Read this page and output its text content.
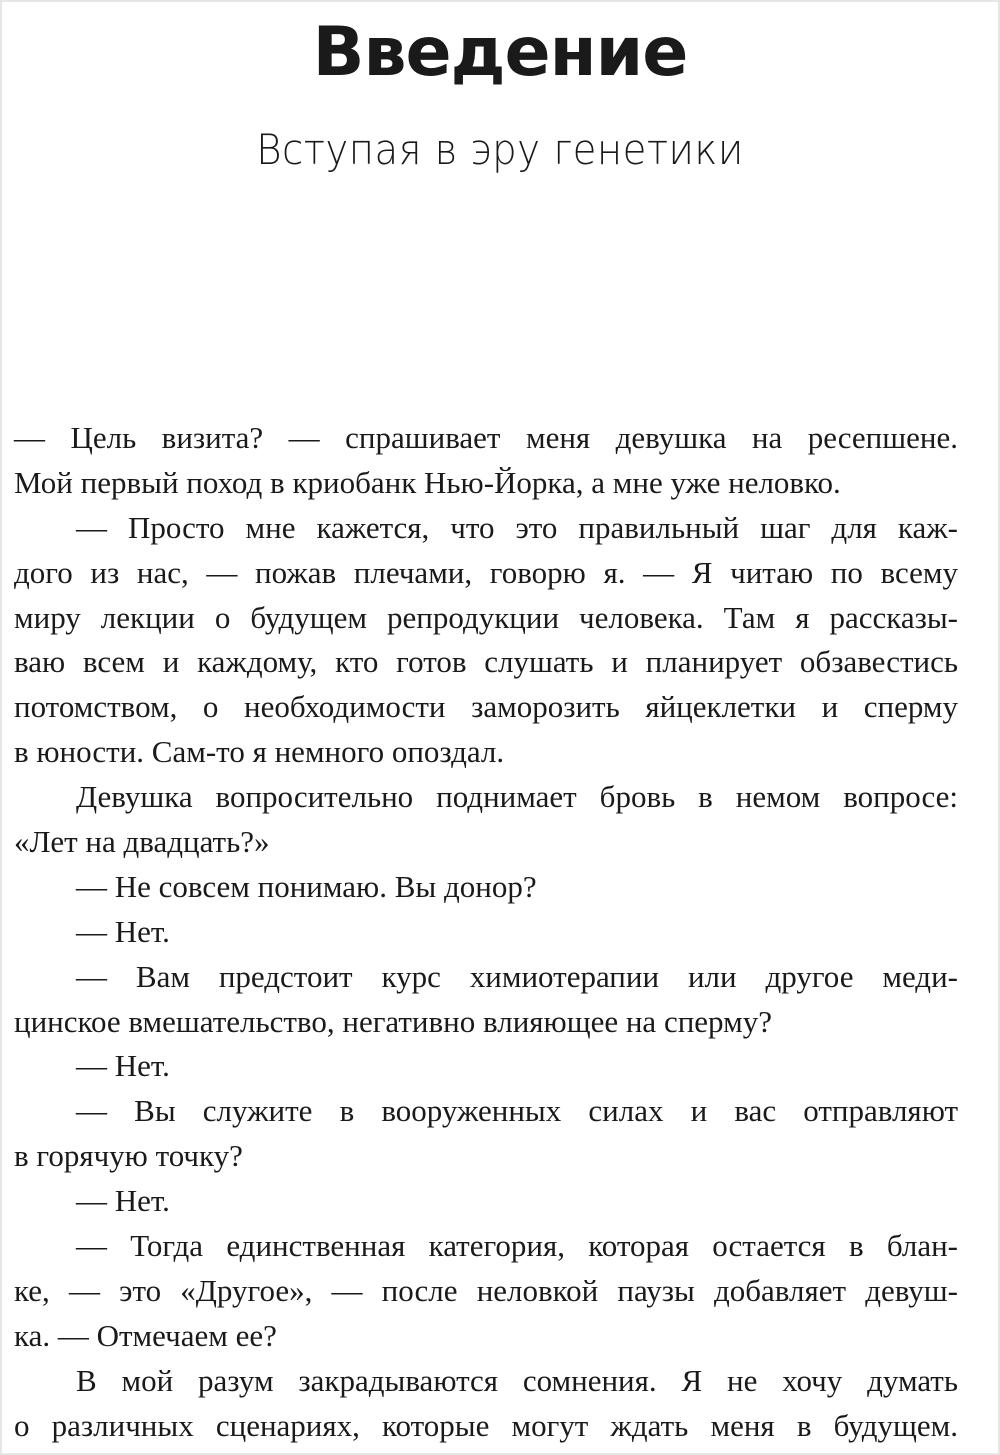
Введение
Вступая в эру генетики
— Цель визита? — спрашивает меня девушка на ресепшене.
Мой первый поход в криобанк Нью-Йорка, а мне уже неловко.
— Просто мне кажется, что это правильный шаг для каж-
дого из нас, — пожав плечами, говорю я. — Я читаю по всему
миру лекции о будущем репродукции человека. Там я рассказы-
ваю всем и каждому, кто готов слушать и планирует обзавестись
потомством, о необходимости заморозить яйцеклетки и сперму
в юности. Сам-то я немного опоздал.
Девушка вопросительно поднимает бровь в немом вопросе:
«Лет на двадцать?»
— Не совсем понимаю. Вы донор?
— Нет.
— Вам предстоит курс химиотерапии или другое меди-
цинское вмешательство, негативно влияющее на сперму?
— Нет.
— Вы служите в вооруженных силах и вас отправляют
в горячую точку?
— Нет.
— Тогда единственная категория, которая остается в блан-
ке, — это «Другое», — после неловкой паузы добавляет девуш-
ка. — Отмечаем ее?
В мой разум закрадываются сомнения. Я не хочу думать
о различных сценариях, которые могут ждать меня в будущем.
